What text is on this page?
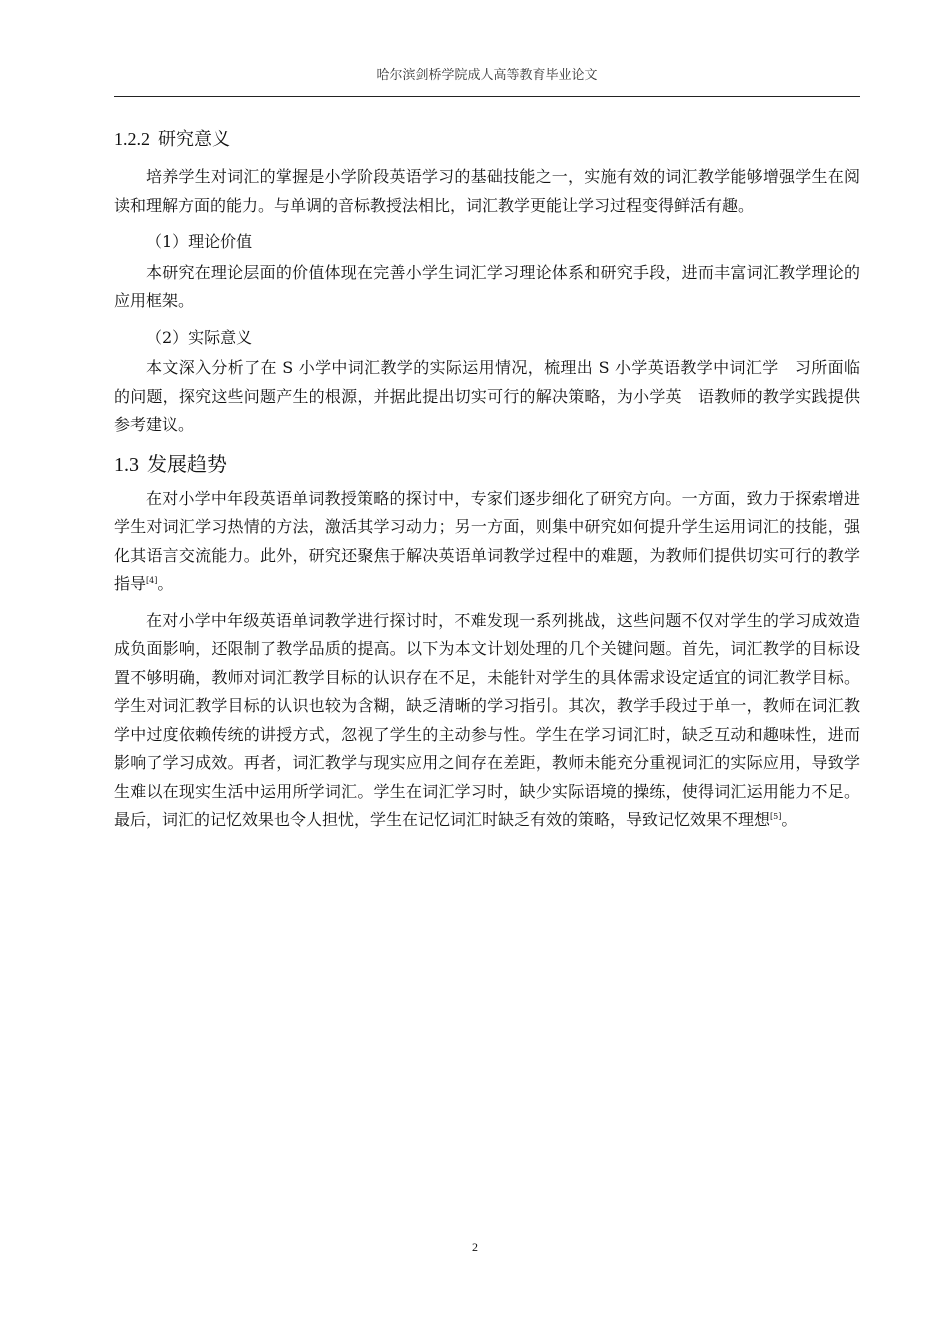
哈尔滨剑桥学院成人高等教育毕业论文
1.2.2 研究意义

培养学生对词汇的掌握是小学阶段英语学习的基础技能之一，实施有效的词汇教学能够增强学生在阅读和理解方面的能力。与单调的音标教授法相比，词汇教学更能让学习过程变得鲜活有趣。

（1）理论价值

本研究在理论层面的价值体现在完善小学生词汇学习理论体系和研究手段，进而丰富词汇教学理论的应用框架。

（2）实际意义

本文深入分析了在 S 小学中词汇教学的实际运用情况，梳理出 S 小学英语教学中词汇学　习所面临的问题，探究这些问题产生的根源，并据此提出切实可行的解决策略，为小学英　语教师的教学实践提供参考建议。

1.3 发展趋势

在对小学中年段英语单词教授策略的探讨中，专家们逐步细化了研究方向。一方面，致力于探索增进学生对词汇学习热情的方法，激活其学习动力；另一方面，则集中研究如何提升学生运用词汇的技能，强化其语言交流能力。此外，研究还聚焦于解决英语单词教学过程中的难题，为教师们提供切实可行的教学指导[4]。

在对小学中年级英语单词教学进行探讨时，不难发现一系列挑战，这些问题不仅对学生的学习成效造成负面影响，还限制了教学品质的提高。以下为本文计划处理的几个关键问题。首先，词汇教学的目标设置不够明确，教师对词汇教学目标的认识存在不足，未能针对学生的具体需求设定适宜的词汇教学目标。学生对词汇教学目标的认识也较为含糊，缺乏清晰的学习指引。其次，教学手段过于单一，教师在词汇教学中过度依赖传统的讲授方式，忽视了学生的主动参与性。学生在学习词汇时，缺乏互动和趣味性，进而影响了学习成效。再者，词汇教学与现实应用之间存在差距，教师未能充分重视词汇的实际应用，导致学生难以在现实生活中运用所学词汇。学生在词汇学习时，缺少实际语境的操练，使得词汇运用能力不足。最后，词汇的记忆效果也令人担忧，学生在记忆词汇时缺乏有效的策略，导致记忆效果不理想[5]。

2
